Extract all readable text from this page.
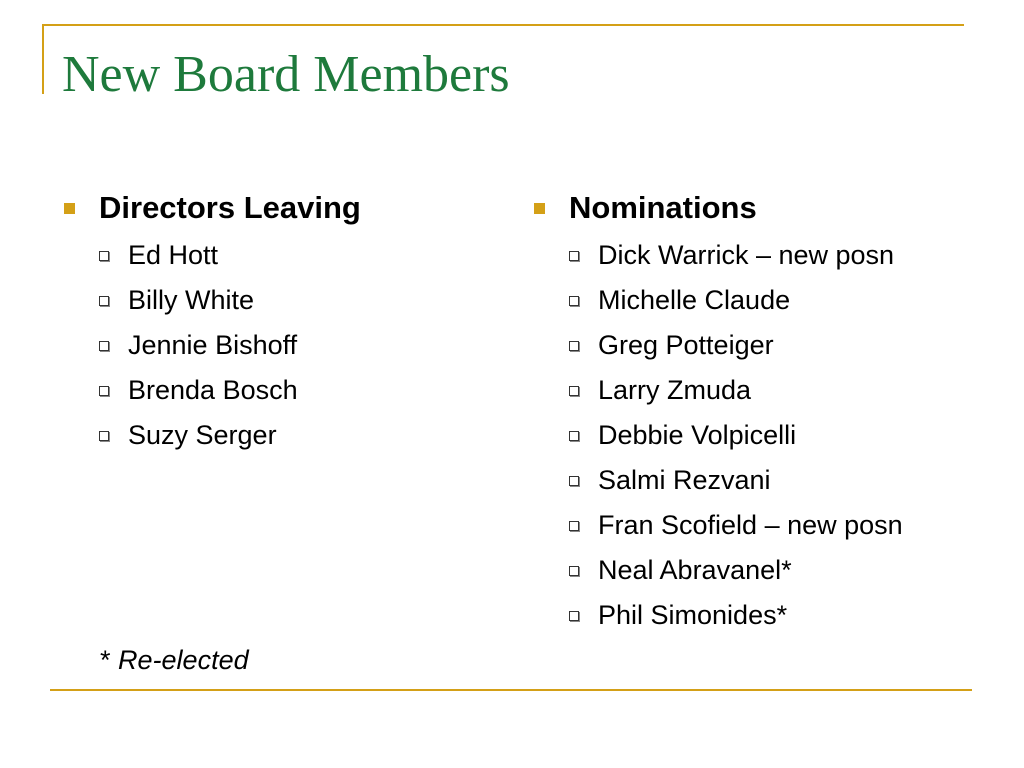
New Board Members
Directors Leaving
Ed Hott
Billy White
Jennie Bishoff
Brenda Bosch
Suzy Serger
Nominations
Dick Warrick – new posn
Michelle Claude
Greg Potteiger
Larry Zmuda
Debbie Volpicelli
Salmi Rezvani
Fran Scofield – new posn
Neal Abravanel*
Phil Simonides*
* Re-elected
